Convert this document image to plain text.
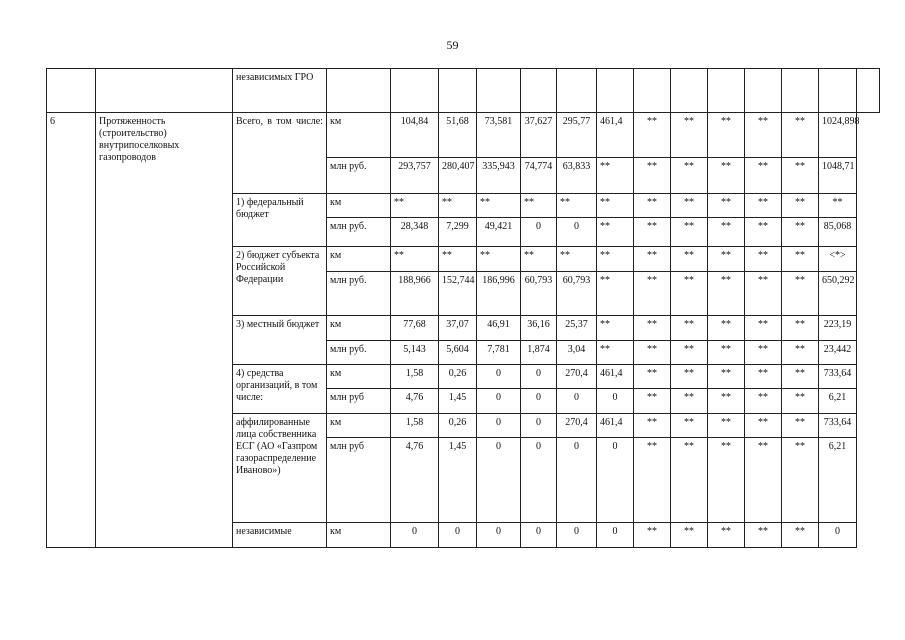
59
		независимых ГРО														
6	Протяженность (строительство) внутрипоселковых газопроводов	Всего, в том числе:	км	104,84	51,68	73,581	37,627	295,77	461,4	**	**	**	**	**	1024,898	
			млн руб.	293,757	280,407	335,943	74,774	63,833	**	**	**	**	**	**	1048,71	
		1) федеральный бюджет	км	**	**	**	**	**	**	**	**	**	**	**	**	
			млн руб.	28,348	7,299	49,421	0	0	**	**	**	**	**	**	85,068	
		2) бюджет субъекта Российской Федерации	км	**	**	**	**	**	**	**	**	**	**	**	<*>	
			млн руб.	188,966	152,744	186,996	60,793	60,793	**	**	**	**	**	**	650,292	
		3) местный бюджет	км	77,68	37,07	46,91	36,16	25,37	**	**	**	**	**	**	223,19	
			млн руб.	5,143	5,604	7,781	1,874	3,04	**	**	**	**	**	**	23,442	
		4) средства организаций, в том числе:	км	1,58	0,26	0	0	270,4	461,4	**	**	**	**	**	733,64	
			млн руб	4,76	1,45	0	0	0	0	**	**	**	**	**	6,21	
		аффилированные лица собственника ЕСГ (АО «Газпром газораспределение Иваново»)	км	1,58	0,26	0	0	270,4	461,4	**	**	**	**	**	733,64	
			млн руб	4,76	1,45	0	0	0	0	**	**	**	**	**	6,21	
		независимые	км	0	0	0	0	0	0	**	**	**	**	**	0	
